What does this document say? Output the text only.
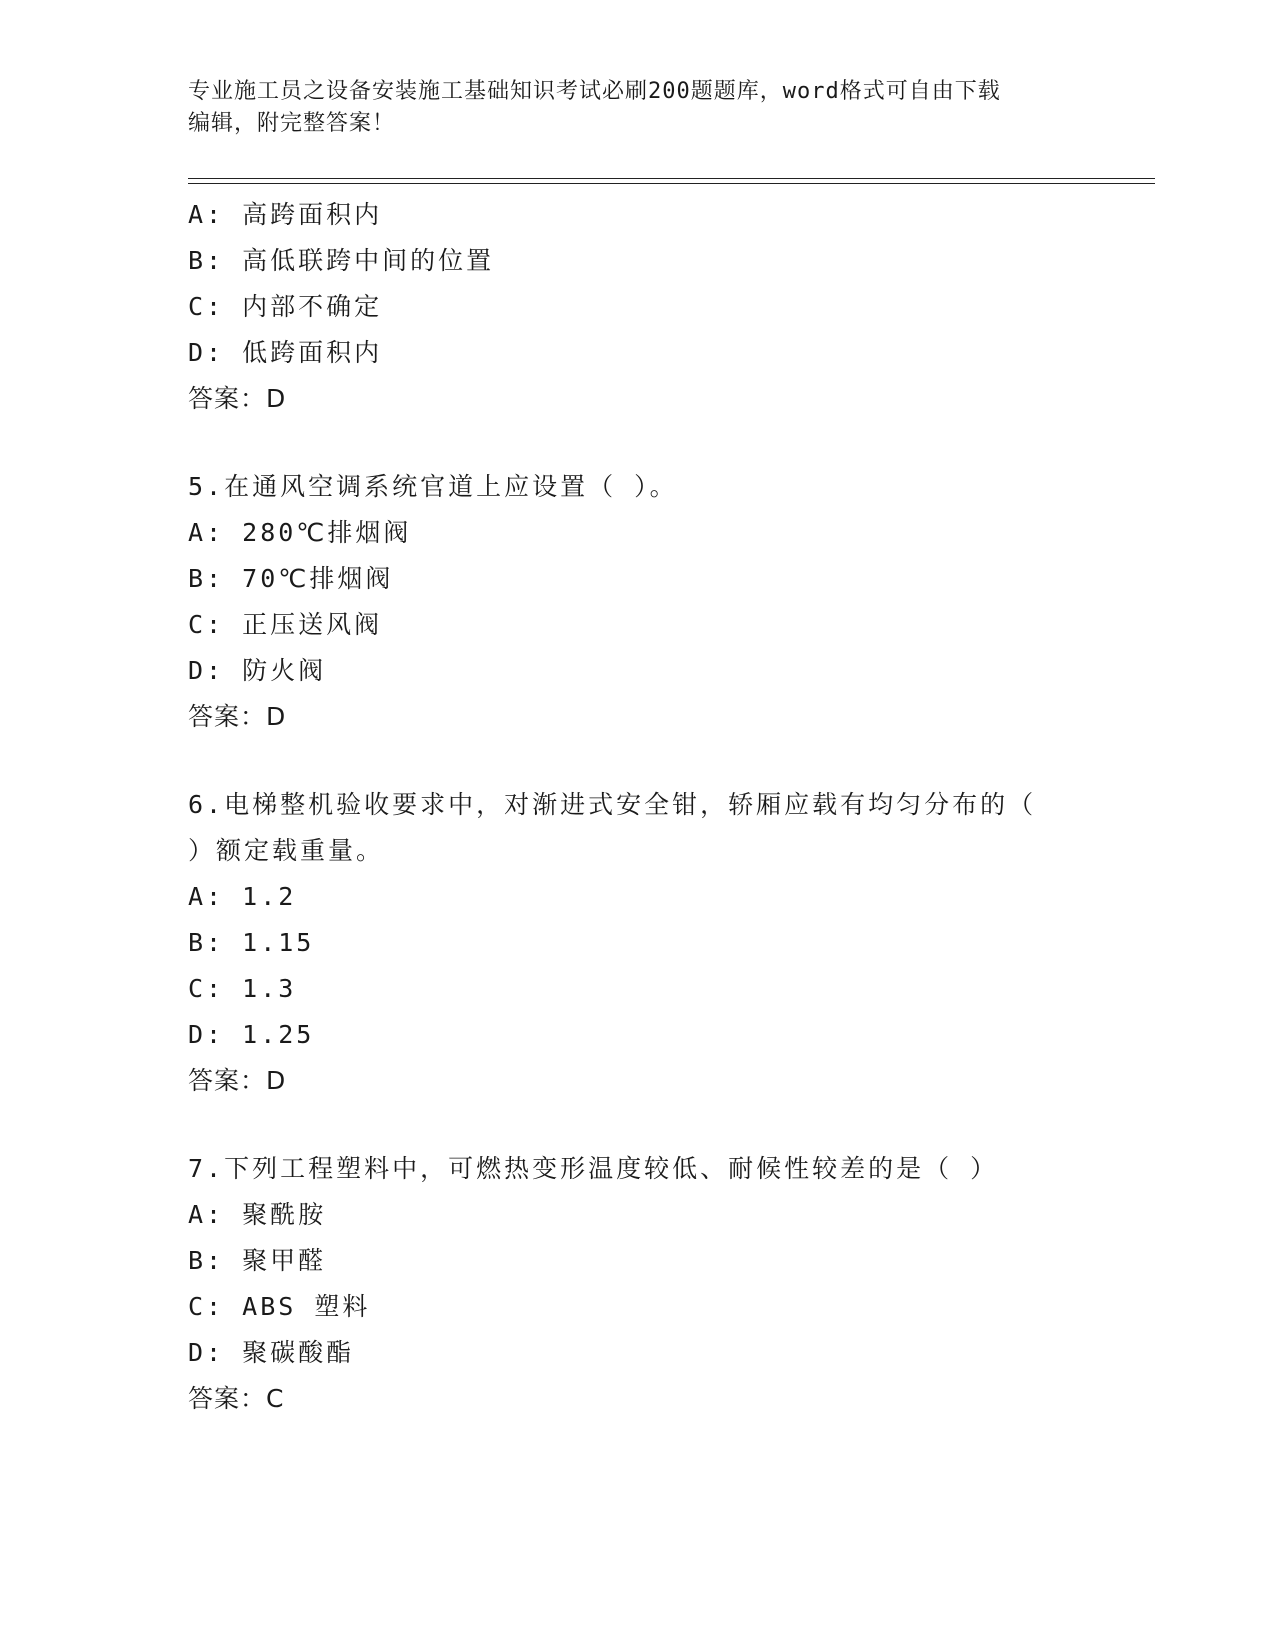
专业施工员之设备安装施工基础知识考试必刷200题题库，word格式可自由下载
编辑，附完整答案！
A: 高跨面积内
B: 高低联跨中间的位置
C: 内部不确定
D: 低跨面积内
答案：D
5.在通风空调系统官道上应设置（ ）。
A: 280℃排烟阀
B: 70℃排烟阀
C: 正压送风阀
D: 防火阀
答案：D
6.电梯整机验收要求中，对渐进式安全钳，轿厢应载有均匀分布的（
）额定载重量。
A: 1.2
B: 1.15
C: 1.3
D: 1.25
答案：D
7.下列工程塑料中，可燃热变形温度较低、耐候性较差的是（ ）
A: 聚酰胺
B: 聚甲醛
C: ABS 塑料
D: 聚碳酸酯
答案：C
